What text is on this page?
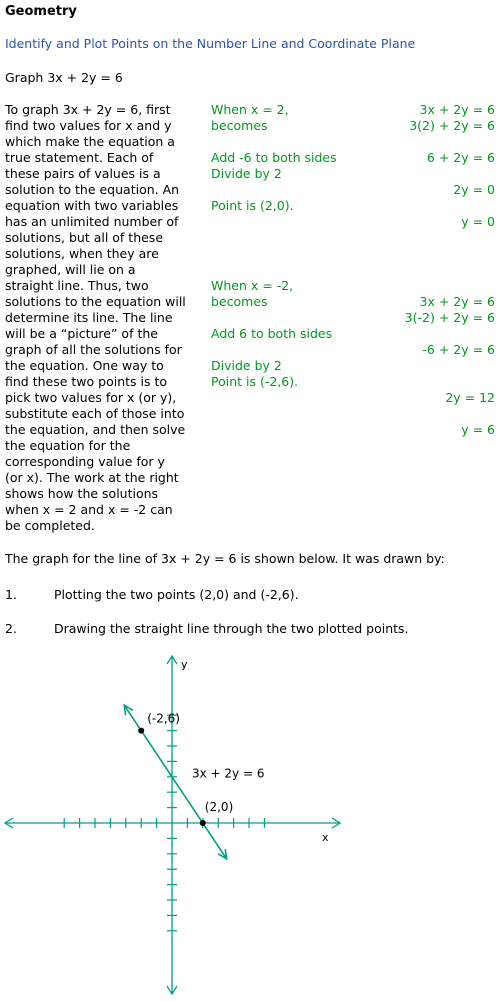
Geometry
Identify and Plot Points on the Number Line and Coordinate Plane
Graph 3x + 2y = 6
To graph 3x + 2y = 6, first
find two values for x and y
which make the equation a
true statement. Each of
these pairs of values is a
solution to the equation. An
equation with two variables
has an unlimited number of
solutions, but all of these
solutions, when they are
graphed, will lie on a
straight line. Thus, two
solutions to the equation will
determine its line. The line
will be a “picture” of the
graph of all the solutions for
the equation. One way to
find these two points is to
pick two values for x (or y),
substitute each of those into
the equation, and then solve
the equation for the
corresponding value for y
(or x). The work at the right
shows how the solutions
when x = 2 and x = -2 can
be completed.
When x = 2,
becomes
Add -6 to both sides
Divide by 2
Point is (2,0).
When x = -2,
becomes
Add 6 to both sides
Divide by 2
Point is (-2,6).
3x + 2y = 6
3(2) + 2y = 6
6 + 2y = 6
2y = 0
y = 0
3x + 2y = 6
3(-2) + 2y = 6
-6 + 2y = 6
2y = 12
y = 6
The graph for the line of 3x + 2y = 6 is shown below. It was drawn by:
1.	Plotting the two points (2,0) and (-2,6).
2.	Drawing the straight line through the two plotted points.
y
x
3x + 2y = 6
(-2,6)
(2,0)
